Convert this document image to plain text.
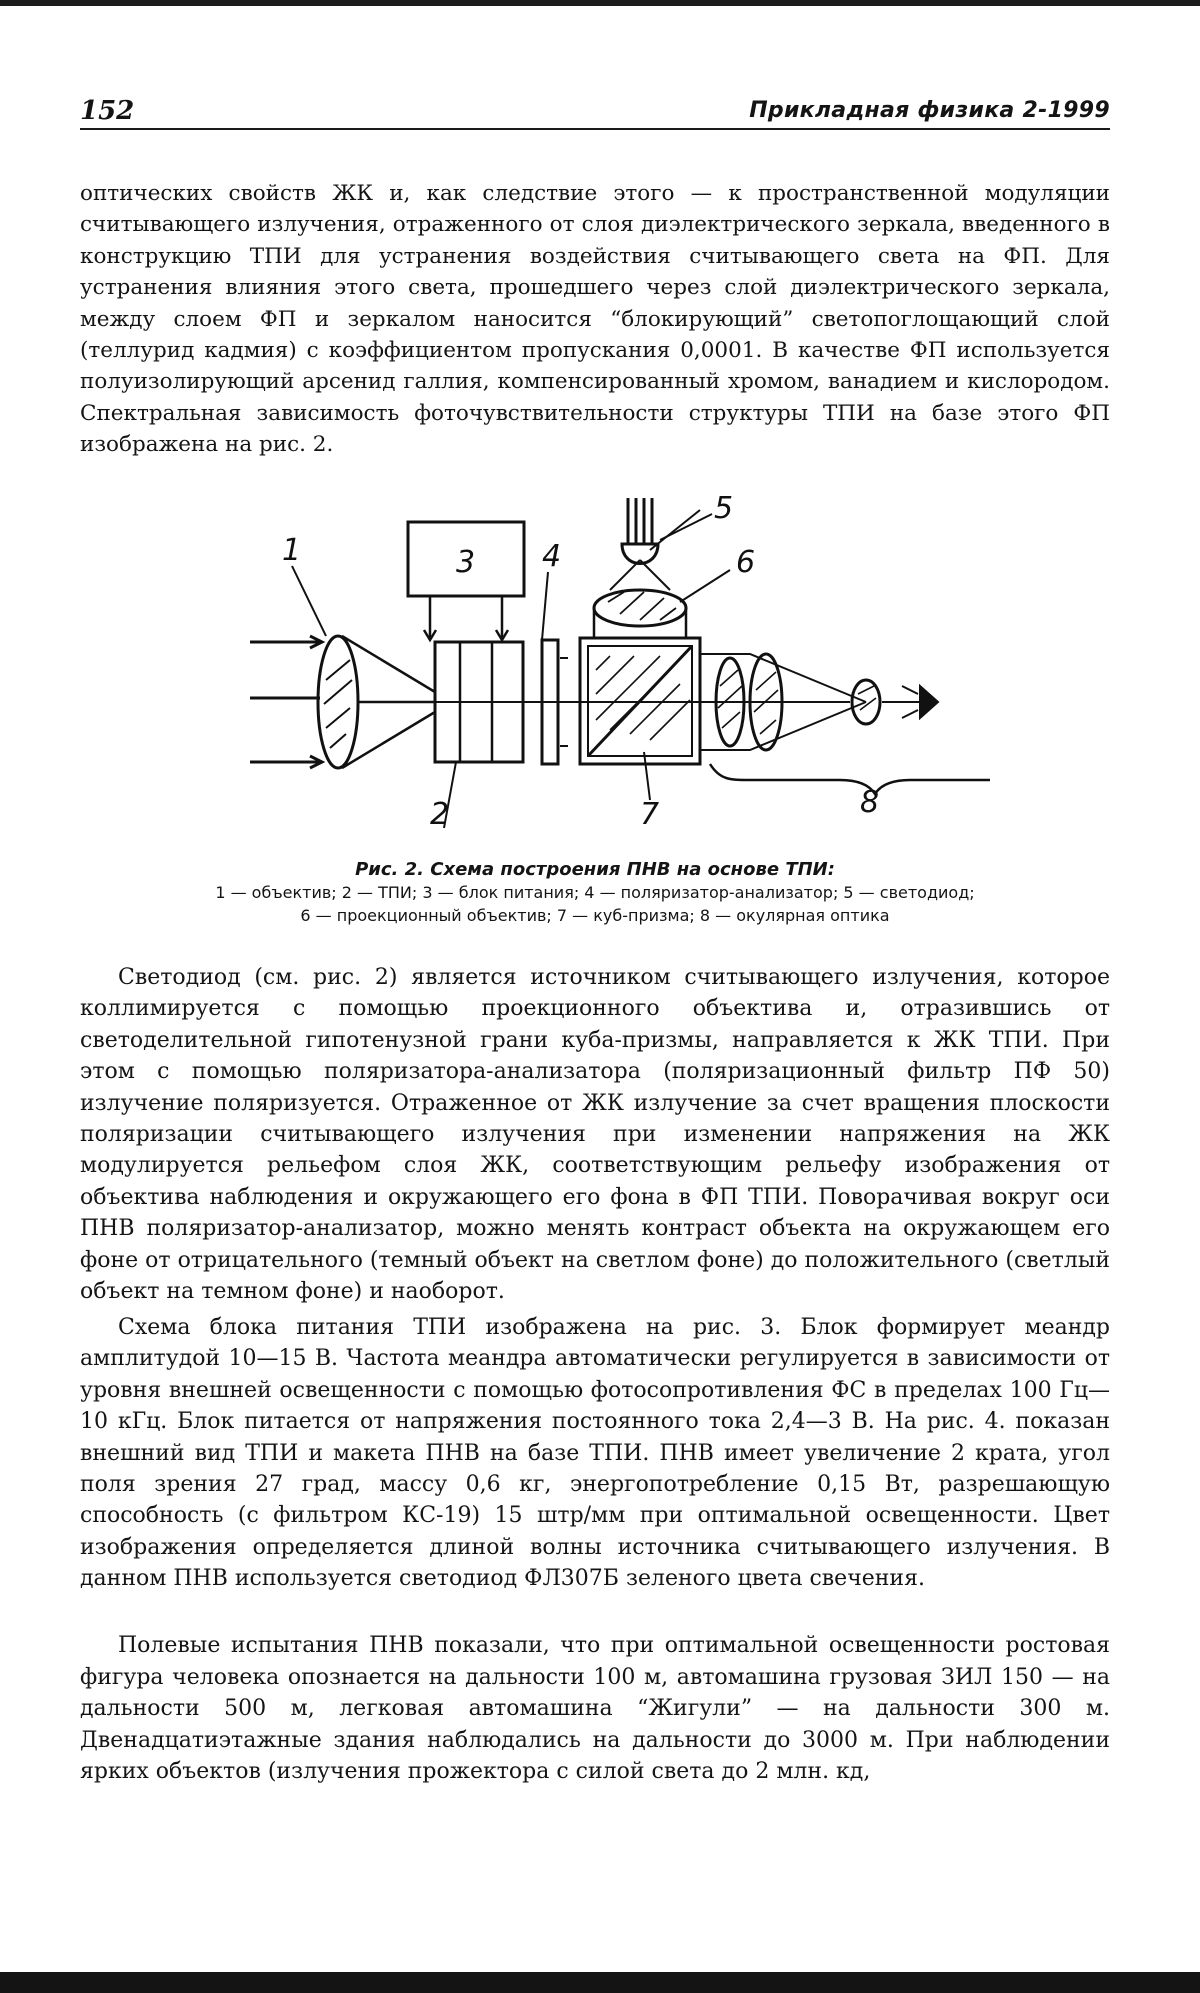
152	Прикладная физика 2-1999

оптических свойств ЖК и, как следствие этого — к пространственной модуляции считывающего излучения, отраженного от слоя диэлектрического зеркала, введенного в конструкцию ТПИ для устранения воздействия считывающего света на ФП. Для устранения влияния этого света, прошедшего через слой диэлектрического зеркала, между слоем ФП и зеркалом наносится “блокирующий” светопоглощающий слой (теллурид кадмия) с коэффициентом пропускания 0,0001. В качестве ФП используется полуизолирующий арсенид галлия, компенсированный хромом, ванадием и кислородом. Спектральная зависимость фоточувствительности структуры ТПИ на базе этого ФП изображена на рис. 2.

1	3 4
5
6
2	7	8
Рис. 2. Схема построения ПНВ на основе ТПИ:
1 — объектив; 2 — ТПИ; 3 — блок питания; 4 — поляризатор-анализатор; 5 — светодиод;
6 — проекционный объектив; 7 — куб-призма; 8 — окулярная оптика

Светодиод (см. рис. 2) является источником считывающего излучения, которое коллимируется с помощью проекционного объектива и, отразившись от светоделительной гипотенузной грани куба-призмы, направляется к ЖК ТПИ. При этом с помощью поляризатора-анализатора (поляризационный фильтр ПФ 50) излучение поляризуется. Отраженное от ЖК излучение за счет вращения плоскости поляризации считывающего излучения при изменении напряжения на ЖК модулируется рельефом слоя ЖК, соответствующим рельефу изображения от объектива наблюдения и окружающего его фона в ФП ТПИ. Поворачивая вокруг оси ПНВ поляризатор-анализатор, можно менять контраст объекта на окружающем его фоне от отрицательного (темный объект на светлом фоне) до положительного (светлый объект на темном фоне) и наоборот.

Схема блока питания ТПИ изображена на рис. 3. Блок формирует меандр амплитудой 10—15 В. Частота меандра автоматически регулируется в зависимости от уровня внешней освещенности с помощью фотосопротивления ФС в пределах 100 Гц—10 кГц. Блок питается от напряжения постоянного тока 2,4—3 В. На рис. 4. показан внешний вид ТПИ и макета ПНВ на базе ТПИ. ПНВ имеет увеличение 2 крата, угол поля зрения 27 град, массу 0,6 кг, энергопотребление 0,15 Вт, разрешающую способность (с фильтром КС-19) 15 штр/мм при оптимальной освещенности. Цвет изображения определяется длиной волны источника считывающего излучения. В данном ПНВ используется светодиод ФЛ307Б зеленого цвета свечения.

Полевые испытания ПНВ показали, что при оптимальной освещенности ростовая фигура человека опознается на дальности 100 м, автомашина грузовая ЗИЛ 150 — на дальности 500 м, легковая автомашина “Жигули” — на дальности 300 м. Двенадцатиэтажные здания наблюдались на дальности до 3000 м. При наблюдении ярких объектов (излучения прожектора с силой света до 2 млн. кд,
